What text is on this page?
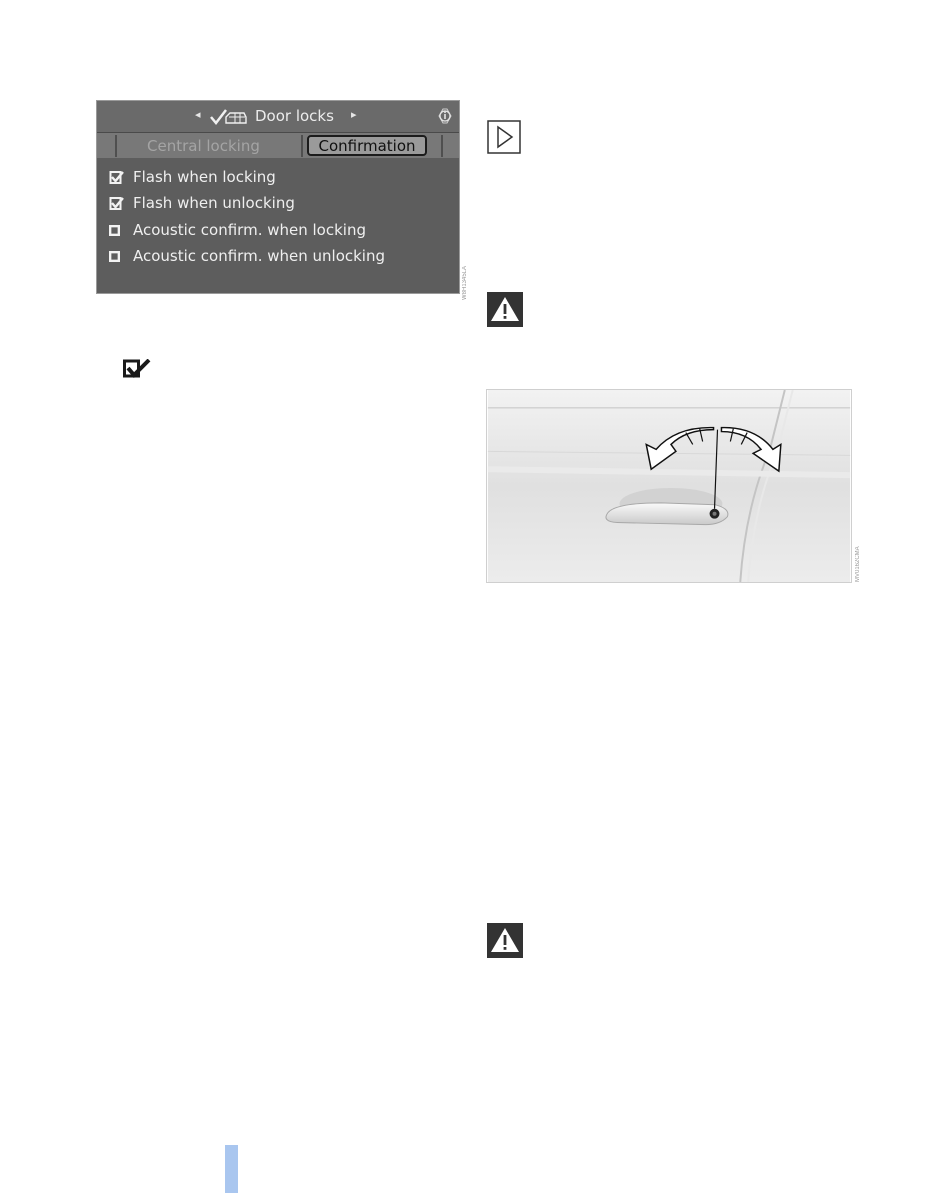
◂	Door locks ▸
Central locking	Confirmation
Flash when locking
Flash when unlocking
Acoustic confirm. when locking
Acoustic confirm. when unlocking
W8H1345LA
MV0162CMA
